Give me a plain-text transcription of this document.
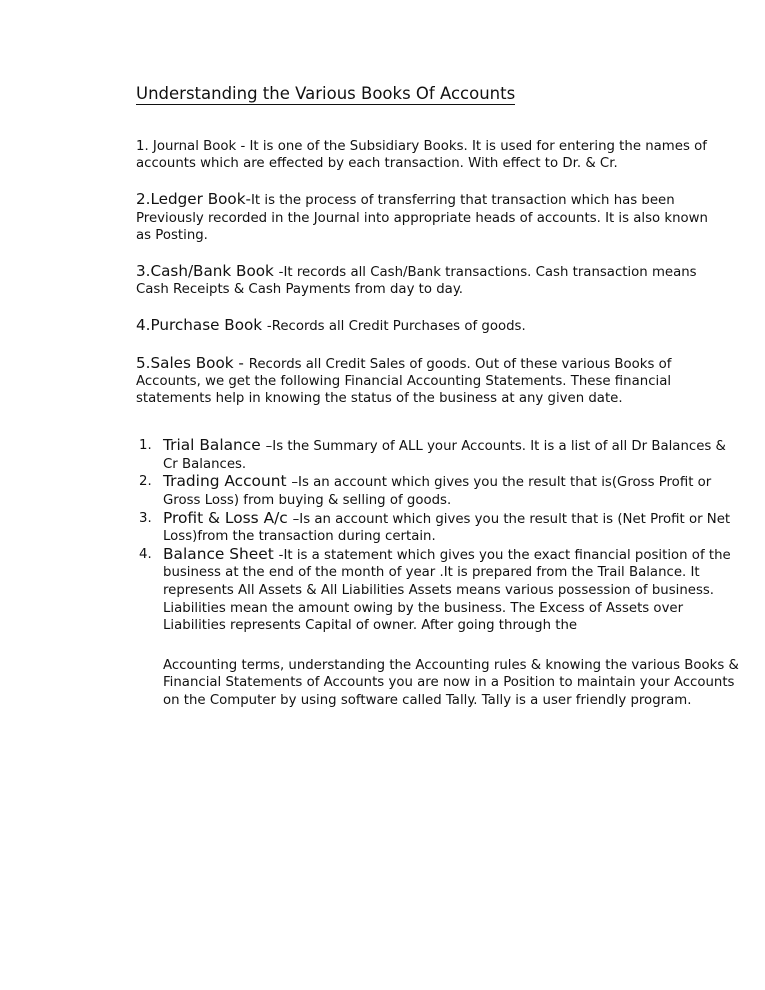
Understanding the Various Books Of Accounts

1. Journal Book - It is one of the Subsidiary Books. It is used for entering the names of accounts which are effected by each transaction. With effect to Dr. & Cr.

2.Ledger Book-It is the process of transferring that transaction which has been Previously recorded in the Journal into appropriate heads of accounts. It is also known as Posting.

3.Cash/Bank Book -It records all Cash/Bank transactions. Cash transaction means Cash Receipts & Cash Payments from day to day.

4.Purchase Book -Records all Credit Purchases of goods.

5.Sales Book - Records all Credit Sales of goods. Out of these various Books of Accounts, we get the following Financial Accounting Statements. These financial statements help in knowing the status of the business at any given date.

1. Trial Balance –Is the Summary of ALL your Accounts. It is a list of all Dr Balances & Cr Balances.
2. Trading Account –Is an account which gives you the result that is(Gross Profit or Gross Loss) from buying & selling of goods.
3. Profit & Loss A/c –Is an account which gives you the result that is (Net Profit or Net Loss)from the transaction during certain.
4. Balance Sheet -It is a statement which gives you the exact financial position of the business at the end of the month of year .It is prepared from the Trail Balance. It represents All Assets & All Liabilities Assets means various possession of business. Liabilities mean the amount owing by the business. The Excess of Assets over Liabilities represents Capital of owner. After going through the

Accounting terms, understanding the Accounting rules & knowing the various Books & Financial Statements of Accounts you are now in a Position to maintain your Accounts on the Computer by using software called Tally. Tally is a user friendly program.
